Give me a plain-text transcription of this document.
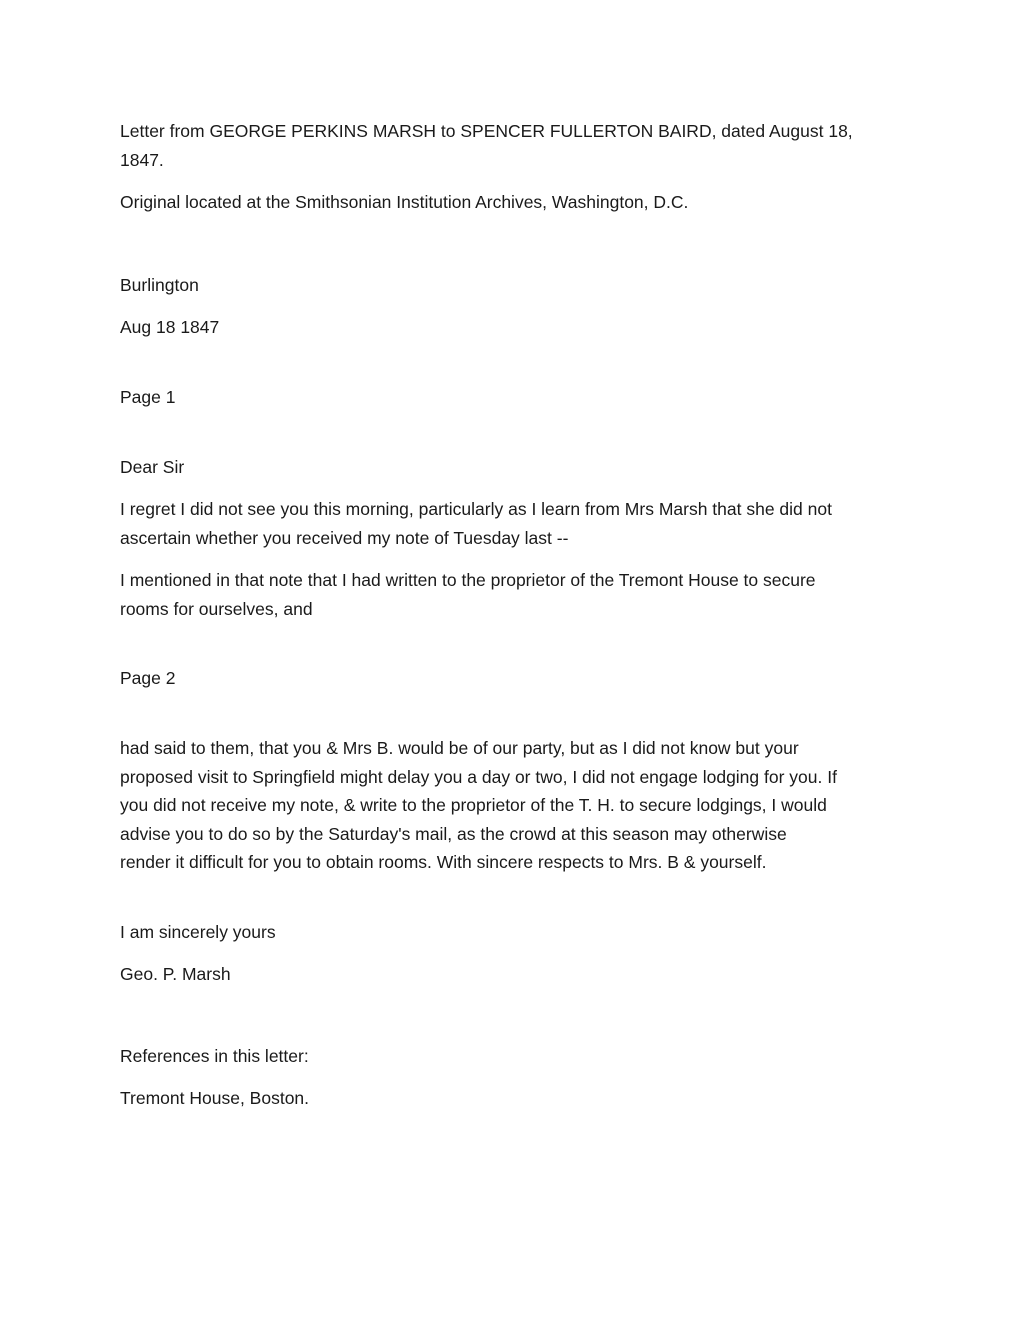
Letter from GEORGE PERKINS MARSH to SPENCER FULLERTON BAIRD, dated August 18,

1847.

Original located at the Smithsonian Institution Archives, Washington, D.C.

Burlington

Aug 18 1847

Page 1

Dear Sir

I regret I did not see you this morning, particularly as I learn from Mrs Marsh that she did not

ascertain whether you received my note of Tuesday last --

I mentioned in that note that I had written to the proprietor of the Tremont House to secure

rooms for ourselves, and

Page 2

had said to them, that you & Mrs B. would be of our party, but as I did not know but your

proposed visit to Springfield might delay you a day or two, I did not engage lodging for you. If

you did not receive my note, & write to the proprietor of the T. H. to secure lodgings, I would

advise you to do so by the Saturday's mail, as the crowd at this season may otherwise

render it difficult for you to obtain rooms. With sincere respects to Mrs. B & yourself.

I am sincerely yours

Geo. P. Marsh

References in this letter:

Tremont House, Boston.
